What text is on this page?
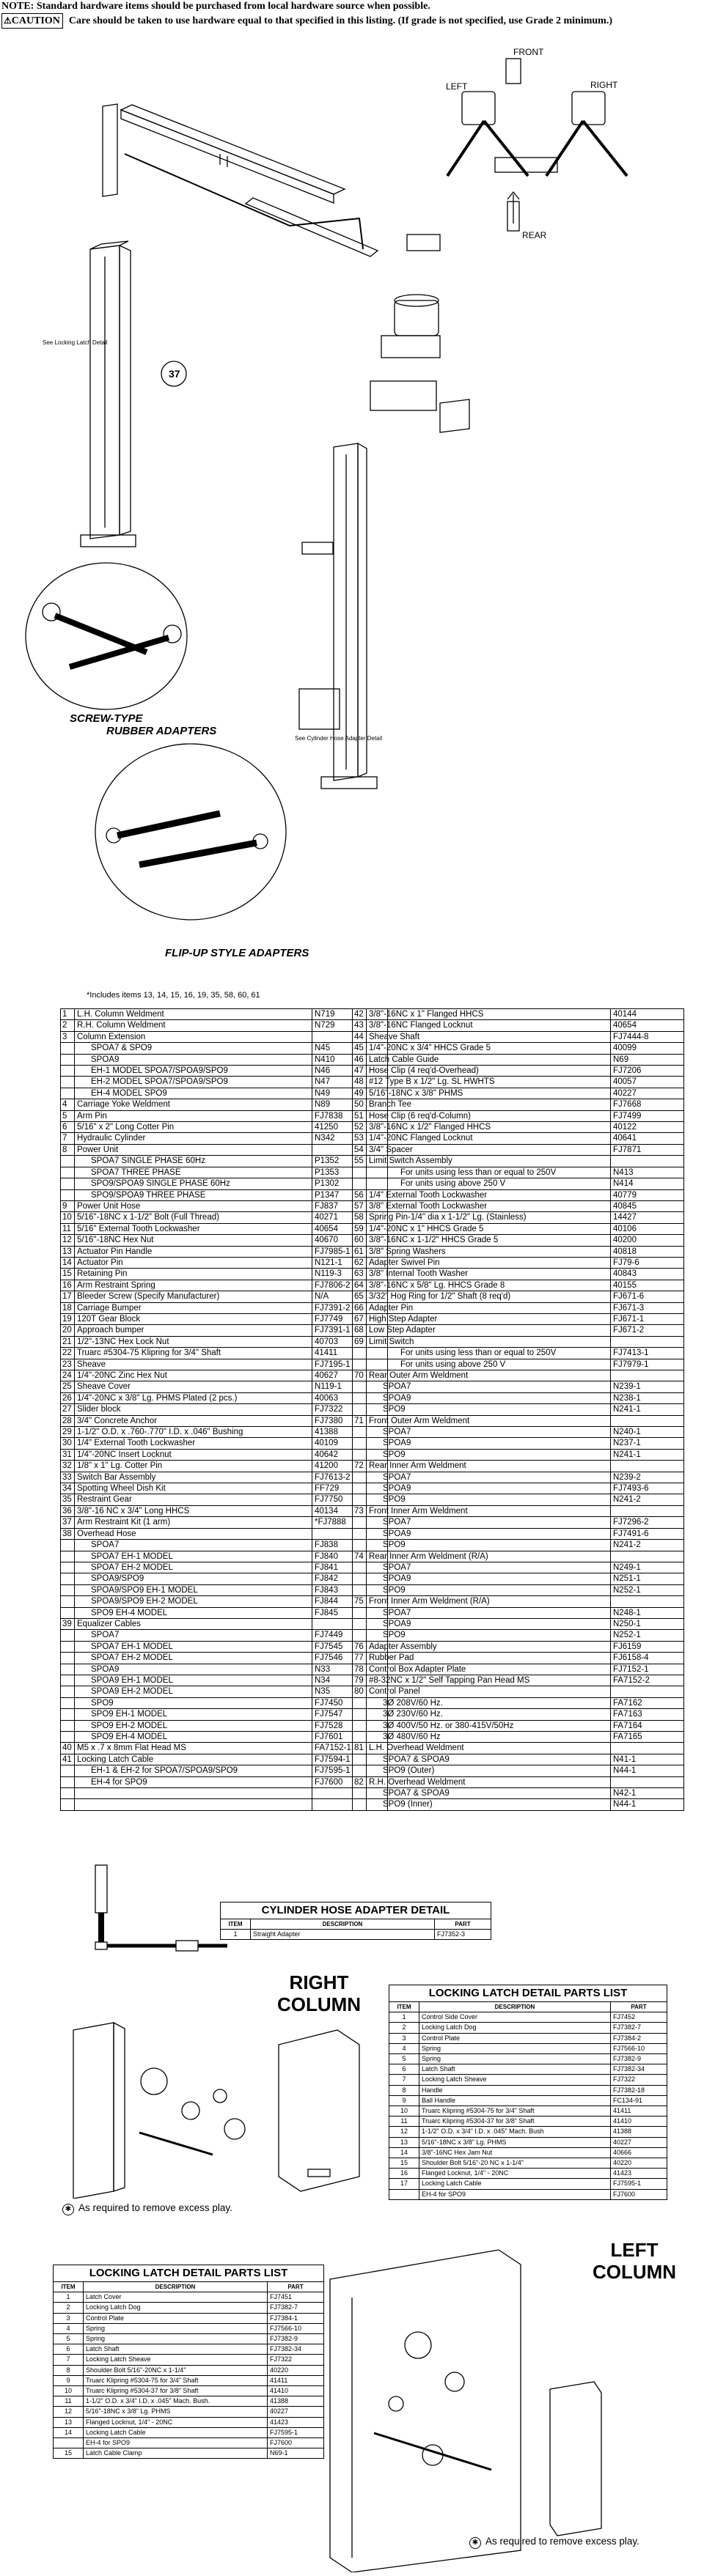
NOTE: Standard hardware items should be purchased from local hardware source when possible.
⚠CAUTION Care should be taken to use hardware equal to that specified in this listing. (If grade is not specified, use Grade 2 minimum.)
FRONT
LEFT	RIGHT
REAR
37
See Locking Latch Detail
See Cylinder Hose Adapter Detail
SCREW-TYPE
RUBBER ADAPTERS
FLIP-UP STYLE ADAPTERS
*Includes items 13, 14, 15, 16, 19, 35, 58, 60, 61
1	L.H. Column Weldment	N719
2	R.H. Column Weldment	N729
3	Column Extension	
	SPOA7 & SPO9	N45
	SPOA9	N410
	EH-1 MODEL SPOA7/SPOA9/SPO9	N46
	EH-2 MODEL SPOA7/SPOA9/SPO9	N47
	EH-4 MODEL SPO9	N49
4	Carriage Yoke Weldment	N89
5	Arm Pin	FJ7838
6	5/16" x 2" Long Cotter Pin	41250
7	Hydraulic Cylinder	N342
8	Power Unit	
	SPOA7 SINGLE PHASE 60Hz	P1352
	SPOA7 THREE PHASE	P1353
	SPO9/SPOA9 SINGLE PHASE 60Hz	P1302
	SPO9/SPOA9 THREE PHASE	P1347
9	Power Unit Hose	FJ837
10	5/16"-18NC x 1-1/2" Bolt (Full Thread)	40271
11	5/16" External Tooth Lockwasher	40654
12	5/16"-18NC Hex Nut	40670
13	Actuator Pin Handle	FJ7985-1
14	Actuator Pin	N121-1
15	Retaining Pin	N119-3
16	Arm Restraint Spring	FJ7806-2
17	Bleeder Screw (Specify Manufacturer)	N/A
18	Carriage Bumper	FJ7391-2
19	120T Gear Block	FJ7749
20	Approach bumper	FJ7391-1
21	1/2"-13NC Hex Lock Nut	40703
22	Truarc #5304-75 Klipring for 3/4" Shaft	41411
23	Sheave	FJ7195-1
24	1/4"-20NC Zinc Hex Nut	40627
25	Sheave Cover	N119-1
26	1/4"-20NC x 3/8" Lg. PHMS Plated (2 pcs.)	40063
27	Slider block	FJ7322
28	3/4" Concrete Anchor	FJ7380
29	1-1/2" O.D. x .760-.770" I.D. x .046" Bushing	41388
30	1/4" External Tooth Lockwasher	40109
31	1/4"-20NC Insert Locknut	40642
32	1/8" x 1" Lg. Cotter Pin	41200
33	Switch Bar Assembly	FJ7613-2
34	Spotting Wheel Dish Kit	FF729
35	Restraint Gear	FJ7750
36	3/8"-16 NC x 3/4" Long HHCS	40134
37	Arm Restraint Kit (1 arm)	*FJ7888
38	Overhead Hose	
	SPOA7	FJ838
	SPOA7 EH-1 MODEL	FJ840
	SPOA7 EH-2 MODEL	FJ841
	SPOA9/SPO9	FJ842
	SPOA9/SPO9 EH-1 MODEL	FJ843
	SPOA9/SPO9 EH-2 MODEL	FJ844
	SPO9 EH-4 MODEL	FJ845
39	Equalizer Cables	
	SPOA7	FJ7449
	SPOA7 EH-1 MODEL	FJ7545
	SPOA7 EH-2 MODEL	FJ7546
	SPOA9	N33
	SPOA9 EH-1 MODEL	N34
	SPOA9 EH-2 MODEL	N35
	SPO9	FJ7450
	SPO9 EH-1 MODEL	FJ7547
	SPO9 EH-2 MODEL	FJ7528
	SPO9 EH-4 MODEL	FJ7601
40	M5 x .7 x 8mm Flat Head MS	FA7152-1
41	Locking Latch Cable	FJ7594-1
	EH-1 & EH-2 for SPOA7/SPOA9/SPO9	FJ7595-1
	EH-4 for SPO9	FJ7600

42	3/8"-16NC x 1" Flanged HHCS	40144
43	3/8"-16NC Flanged Locknut	40654
44	Sheave Shaft	FJ7444-8
45	1/4"-20NC x 3/4" HHCS Grade 5	40099
46	Latch Cable Guide	N69
47	Hose Clip (4 req'd-Overhead)	FJ7206
48	#12 Type B x 1/2" Lg. SL HWHTS	40057
49	5/16"-18NC x 3/8" PHMS	40227
50	Branch Tee	FJ7668
51	Hose Clip (6 req'd-Column)	FJ7499
52	3/8"-16NC x 1/2" Flanged HHCS	40122
53	1/4"-20NC Flanged Locknut	40641
54	3/4" Spacer	FJ7871
55	Limit Switch Assembly	
	For units using less than or equal to 250V	N413
	For units using above 250 V	N414
56	1/4" External Tooth Lockwasher	40779
57	3/8" External Tooth Lockwasher	40845
58	Spring Pin-1/4" dia x 1-1/2" Lg. (Stainless)	14427
59	1/4"-20NC x 1" HHCS Grade 5	40106
60	3/8"-16NC x 1-1/2" HHCS Grade 5	40200
61	3/8" Spring Washers	40818
62	Adapter Swivel Pin	FJ79-6
63	3/8" Internal Tooth Washer	40843
64	3/8"-16NC x 5/8" Lg. HHCS Grade 8	40155
65	3/32" Hog Ring for 1/2" Shaft (8 req'd)	FJ671-6
66	Adapter Pin	FJ671-3
67	High Step Adapter	FJ671-1
68	Low Step Adapter	FJ671-2
69	Limit Switch	
	For units using less than or equal to 250V	FJ7413-1
	For units using above 250 V	FJ7979-1
70	Rear Outer Arm Weldment	
	SPOA7	N239-1
	SPOA9	N238-1
	SPO9	N241-1
71	Front Outer Arm Weldment	
	SPOA7	N240-1
	SPOA9	N237-1
	SPO9	N241-1
72	Rear Inner Arm Weldment	
	SPOA7	N239-2
	SPOA9	FJ7493-6
	SPO9	N241-2
73	Front Inner Arm Weldment	
	SPOA7	FJ7296-2
	SPOA9	FJ7491-6
	SPO9	N241-2
74	Rear Inner Arm Weldment (R/A)	
	SPOA7	N249-1
	SPOA9	N251-1
	SPO9	N252-1
75	Front Inner Arm Weldment (R/A)	
	SPOA7	N248-1
	SPOA9	N250-1
	SPO9	N252-1
76	Adapter Assembly	FJ6159
77	Rubber Pad	FJ6158-4
78	Control Box Adapter Plate	FJ7152-1
79	#8-32NC x 1/2" Self Tapping Pan Head MS	FA7152-2
80	Control Panel	
	3Ø 208V/60 Hz.	FA7162
	3Ø 230V/60 Hz.	FA7163
	3Ø 400V/50 Hz. or 380-415V/50Hz	FA7164
	3Ø 480V/60 Hz	FA7165
81	L.H. Overhead Weldment	
	SPOA7 & SPOA9	N41-1
	SPO9 (Outer)	N44-1
82	R.H. Overhead Weldment	
	SPOA7 & SPOA9	N42-1
	SPO9 (Inner)	N44-1
CYLINDER HOSE ADAPTER DETAIL
ITEM	DESCRIPTION	PART
1	Straight Adapter	FJ7352-3
RIGHT
COLUMN
✱ As required to remove excess play.
LOCKING LATCH DETAIL PARTS LIST
ITEM	DESCRIPTION	PART
1	Control Side Cover	FJ7452
2	Locking Latch Dog	FJ7382-7
3	Control Plate	FJ7384-2
4	Spring	FJ7566-10
5	Spring	FJ7382-9
6	Latch Shaft	FJ7382-34
7	Locking Latch Sheave	FJ7322
8	Handle	FJ7382-18
9	Ball Handle	FC134-91
10	Truarc Klipring #5304-75 for 3/4" Shaft	41411
11	Truarc Klipring #5304-37 for 3/8" Shaft	41410
12	1-1/2" O.D. x 3/4" I.D. x .045" Mach. Bush	41388
13	5/16"-18NC x 3/8" Lg. PHMS	40227
14	3/8"-16NC Hex Jam Nut	40666
15	Shoulder Bolt 5/16"-20 NC x 1-1/4"	40220
16	Flanged Locknut, 1/4" - 20NC	41423
17	Locking Latch Cable	FJ7595-1
	EH-4 for SPO9	FJ7600
LOCKING LATCH DETAIL PARTS LIST
ITEM	DESCRIPTION	PART
1	Latch Cover	FJ7451
2	Locking Latch Dog	FJ7382-7
3	Control Plate	FJ7384-1
4	Spring	FJ7566-10
5	Spring	FJ7382-9
6	Latch Shaft	FJ7382-34
7	Locking Latch Sheave	FJ7322
8	Shoulder Bolt 5/16"-20NC x 1-1/4"	40220
9	Truarc Klipring #5304-75 for 3/4" Shaft	41411
10	Truarc Klipring #5304-37 for 3/8" Shaft	41410
11	1-1/2" O.D. x 3/4" I.D. x .045" Mach. Bush.	41388
12	5/16"-18NC x 3/8" Lg. PHMS	40227
13	Flanged Locknut, 1/4" - 20NC	41423
14	Locking Latch Cable	FJ7595-1
	EH-4 for SPO9	FJ7600
15	Latch Cable Clamp	N69-1
LEFT
COLUMN
✱ As required to remove excess play.
